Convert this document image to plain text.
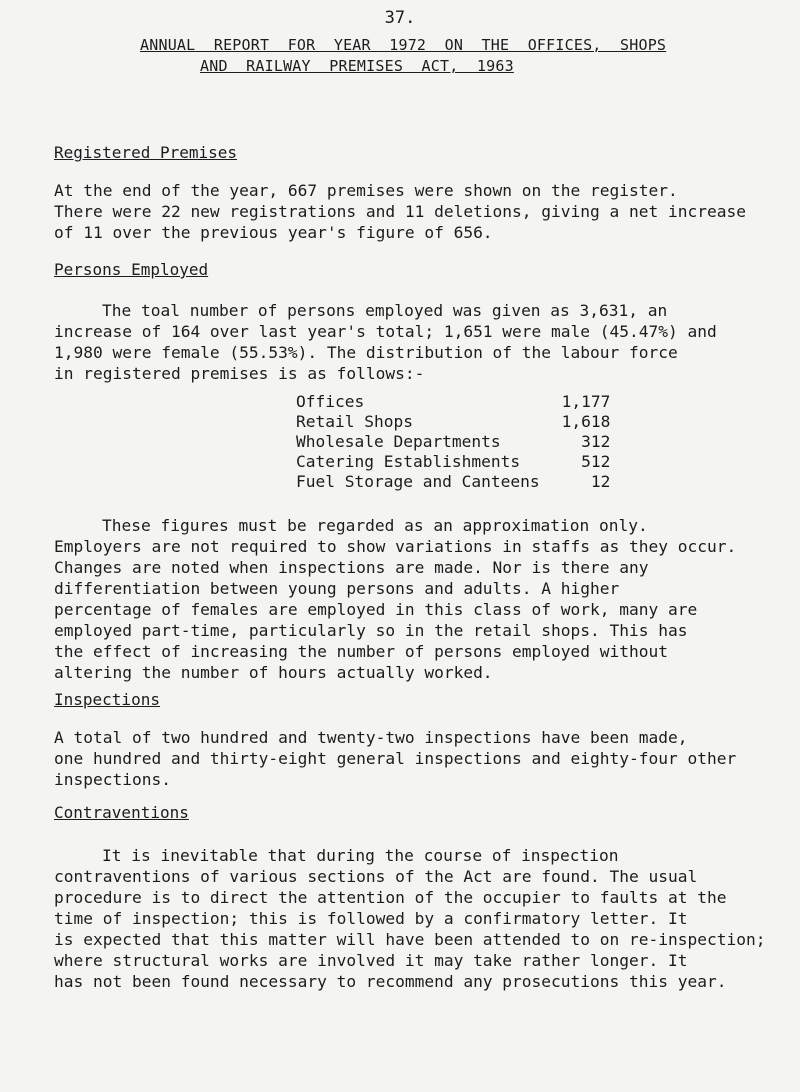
37.
ANNUAL  REPORT  FOR  YEAR  1972  ON  THE  OFFICES,  SHOPS
AND  RAILWAY  PREMISES  ACT,  1963
Registered Premises
At the end of the year, 667 premises were shown on the register.
There were 22 new registrations and 11 deletions, giving a net increase
of 11 over the previous year's figure of 656.
Persons Employed
The toal number of persons employed was given as 3,631, an
increase of 164 over last year's total; 1,651 were male (45.47%) and
1,980 were female (55.53%). The distribution of the labour force
in registered premises is as follows:-
Offices	1,177
Retail Shops	1,618
Wholesale Departments	312
Catering Establishments	512
Fuel Storage and Canteens	12
These figures must be regarded as an approximation only.
Employers are not required to show variations in staffs as they occur.
Changes are noted when inspections are made. Nor is there any
differentiation between young persons and adults. A higher
percentage of females are employed in this class of work, many are
employed part-time, particularly so in the retail shops. This has
the effect of increasing the number of persons employed without
altering the number of hours actually worked.
Inspections
A total of two hundred and twenty-two inspections have been made,
one hundred and thirty-eight general inspections and eighty-four other
inspections.
Contraventions
It is inevitable that during the course of inspection
contraventions of various sections of the Act are found. The usual
procedure is to direct the attention of the occupier to faults at the
time of inspection; this is followed by a confirmatory letter. It
is expected that this matter will have been attended to on re-inspection;
where structural works are involved it may take rather longer. It
has not been found necessary to recommend any prosecutions this year.
